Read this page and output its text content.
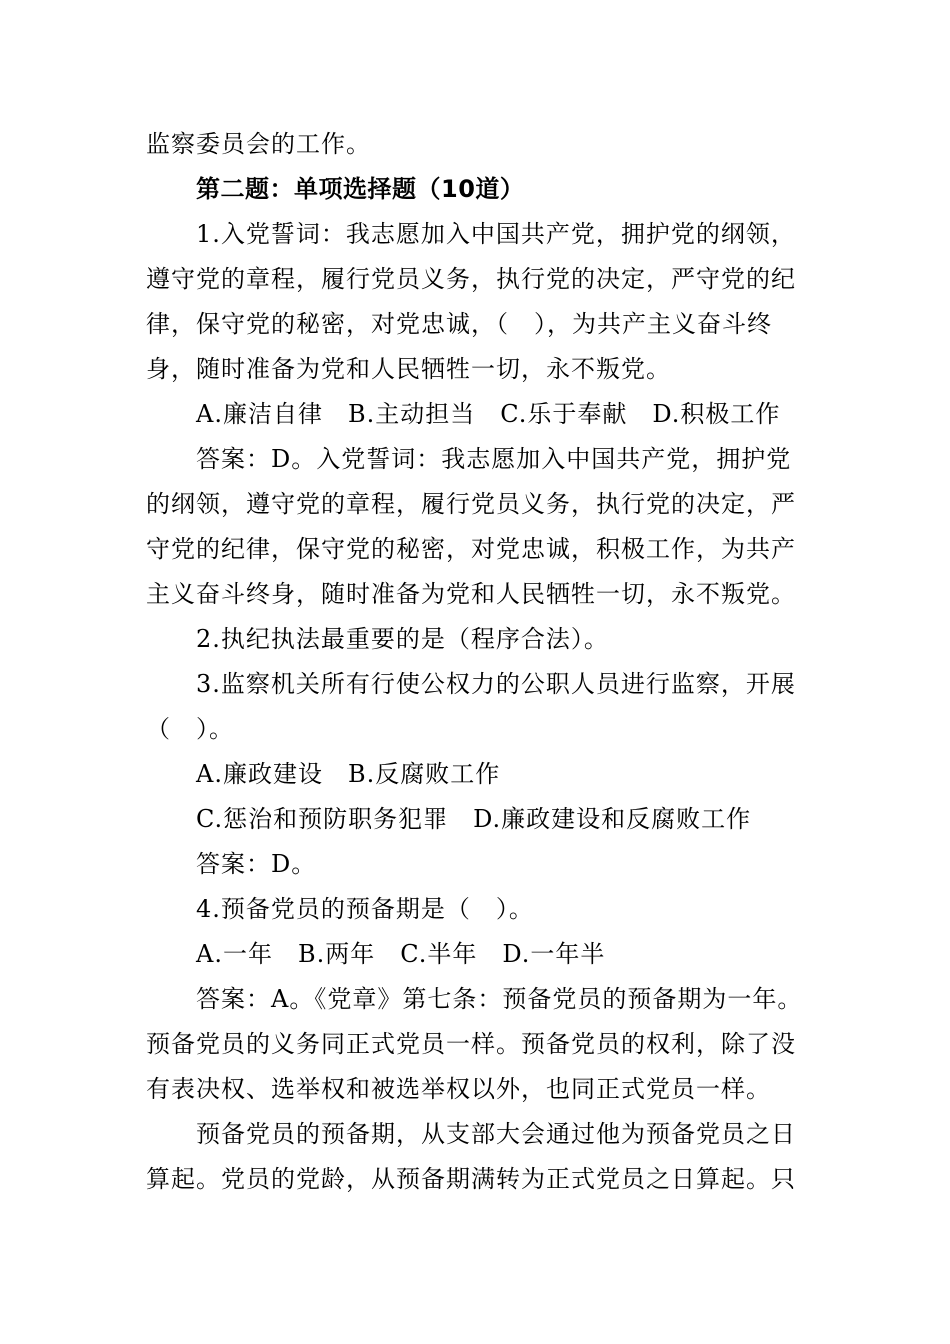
监察委员会的工作。
第二题：单项选择题（10道）
1.入党誓词：我志愿加入中国共产党，拥护党的纲领，
遵守党的章程，履行党员义务，执行党的决定，严守党的纪
律，保守党的秘密，对党忠诚，（　），为共产主义奋斗终
身，随时准备为党和人民牺牲一切，永不叛党。
A.廉洁自律　B.主动担当　C.乐于奉献　D.积极工作
答案：D。入党誓词：我志愿加入中国共产党，拥护党
的纲领，遵守党的章程，履行党员义务，执行党的决定，严
守党的纪律，保守党的秘密，对党忠诚，积极工作，为共产
主义奋斗终身，随时准备为党和人民牺牲一切，永不叛党。
2.执纪执法最重要的是（程序合法）。
3.监察机关所有行使公权力的公职人员进行监察，开展
（　）。
A.廉政建设　B.反腐败工作
C.惩治和预防职务犯罪　D.廉政建设和反腐败工作
答案：D。
4.预备党员的预备期是（　）。
A.一年　B.两年　C.半年　D.一年半
答案：A。《党章》第七条：预备党员的预备期为一年。
预备党员的义务同正式党员一样。预备党员的权利，除了没
有表决权、选举权和被选举权以外，也同正式党员一样。
预备党员的预备期，从支部大会通过他为预备党员之日
算起。党员的党龄，从预备期满转为正式党员之日算起。只
